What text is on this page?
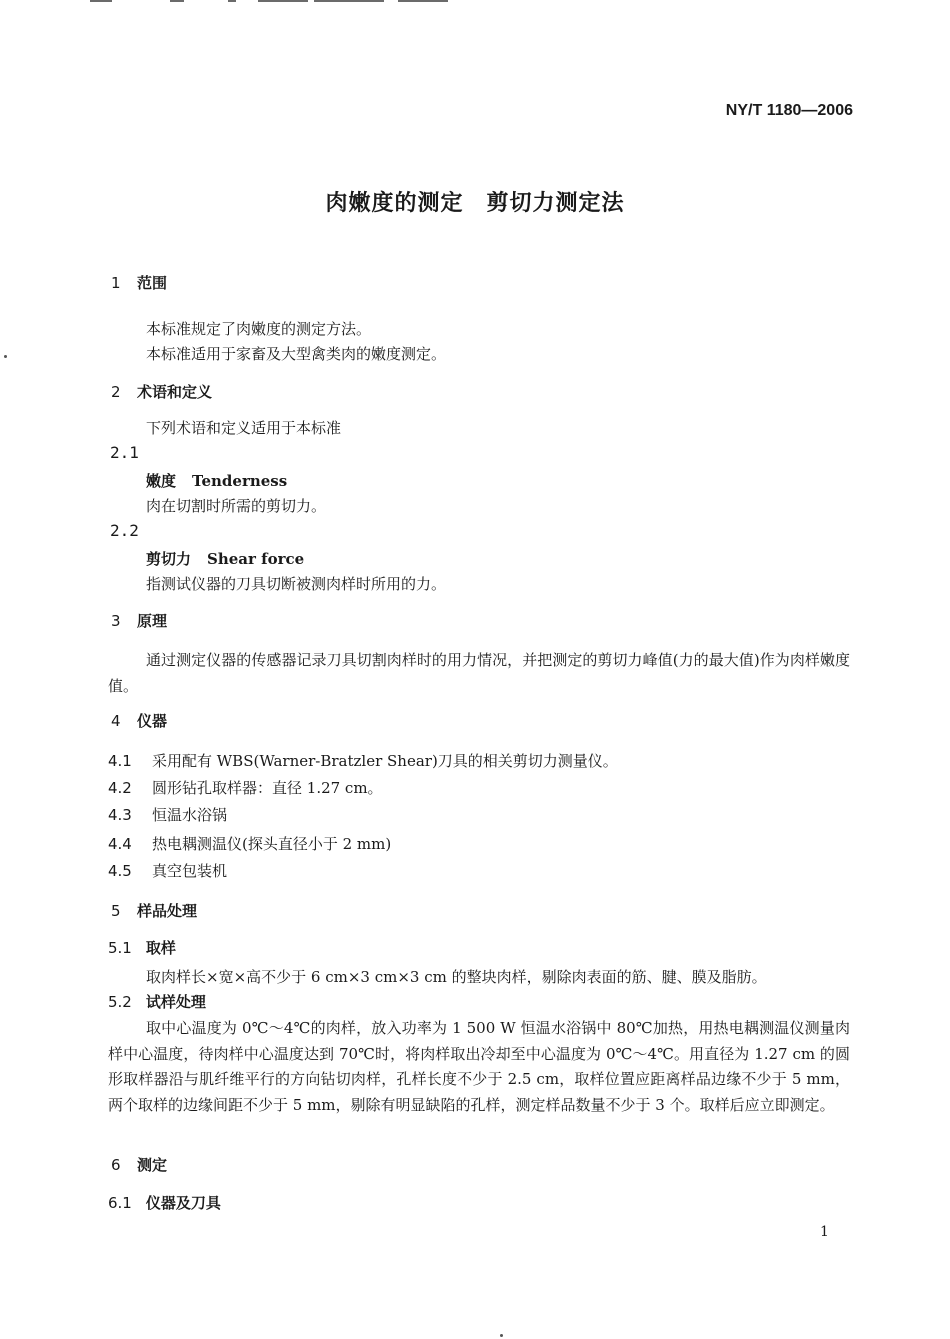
NY/T 1180—2006
肉嫩度的测定　剪切力测定法
1 范围
本标准规定了肉嫩度的测定方法。
本标准适用于家畜及大型禽类肉的嫩度测定。
2 术语和定义
下列术语和定义适用于本标准
2.1
嫩度 Tenderness
肉在切割时所需的剪切力。
2.2
剪切力 Shear force
指测试仪器的刀具切断被测肉样时所用的力。
3 原理
通过测定仪器的传感器记录刀具切割肉样时的用力情况，并把测定的剪切力峰值(力的最大值)作为肉样嫩度值。
4 仪器
4.1 采用配有 WBS(Warner-Bratzler Shear)刀具的相关剪切力测量仪。
4.2 圆形钻孔取样器：直径 1.27 cm。
4.3 恒温水浴锅
4.4 热电耦测温仪(探头直径小于 2 mm)
4.5 真空包装机
5 样品处理
5.1 取样
取肉样长×宽×高不少于 6 cm×3 cm×3 cm 的整块肉样，剔除肉表面的筋、腱、膜及脂肪。
5.2 试样处理
取中心温度为 0℃～4℃的肉样，放入功率为 1 500 W 恒温水浴锅中 80℃加热，用热电耦测温仪测量肉样中心温度，待肉样中心温度达到 70℃时，将肉样取出冷却至中心温度为 0℃～4℃。用直径为 1.27 cm 的圆形取样器沿与肌纤维平行的方向钻切肉样，孔样长度不少于 2.5 cm，取样位置应距离样品边缘不少于 5 mm，两个取样的边缘间距不少于 5 mm，剔除有明显缺陷的孔样，测定样品数量不少于 3 个。取样后应立即测定。
6 测定
6.1 仪器及刀具
1
